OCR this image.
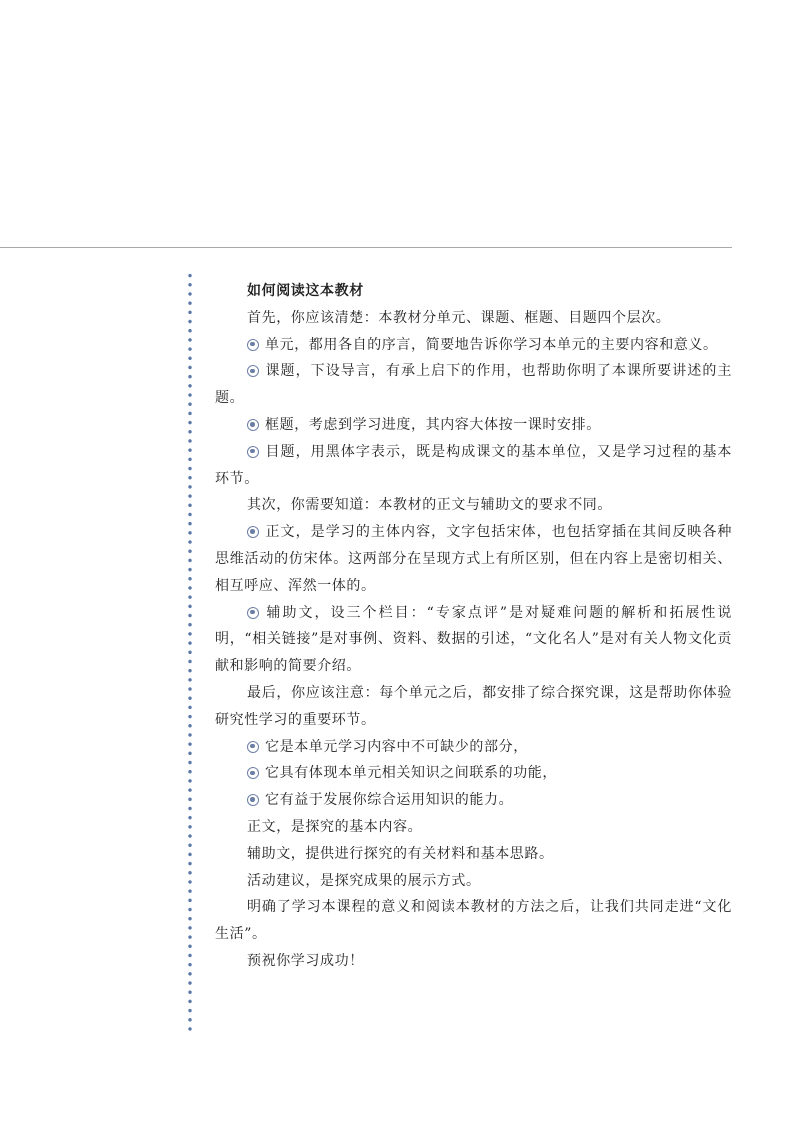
如何阅读这本教材

首先，你应该清楚：本教材分单元、课题、框题、目题四个层次。

单元，都用各自的序言，简要地告诉你学习本单元的主要内容和意义。

课题，下设导言，有承上启下的作用，也帮助你明了本课所要讲述的主题。

框题，考虑到学习进度，其内容大体按一课时安排。

目题，用黑体字表示，既是构成课文的基本单位，又是学习过程的基本环节。

其次，你需要知道：本教材的正文与辅助文的要求不同。

正文，是学习的主体内容，文字包括宋体，也包括穿插在其间反映各种思维活动的仿宋体。这两部分在呈现方式上有所区别，但在内容上是密切相关、相互呼应、浑然一体的。

辅助文，设三个栏目：“专家点评”是对疑难问题的解析和拓展性说明，“相关链接”是对事例、资料、数据的引述，“文化名人”是对有关人物文化贡献和影响的简要介绍。

最后，你应该注意：每个单元之后，都安排了综合探究课，这是帮助你体验研究性学习的重要环节。

它是本单元学习内容中不可缺少的部分，

它具有体现本单元相关知识之间联系的功能，

它有益于发展你综合运用知识的能力。

正文，是探究的基本内容。

辅助文，提供进行探究的有关材料和基本思路。

活动建议，是探究成果的展示方式。

明确了学习本课程的意义和阅读本教材的方法之后，让我们共同走进“文化生活”。

预祝你学习成功！
